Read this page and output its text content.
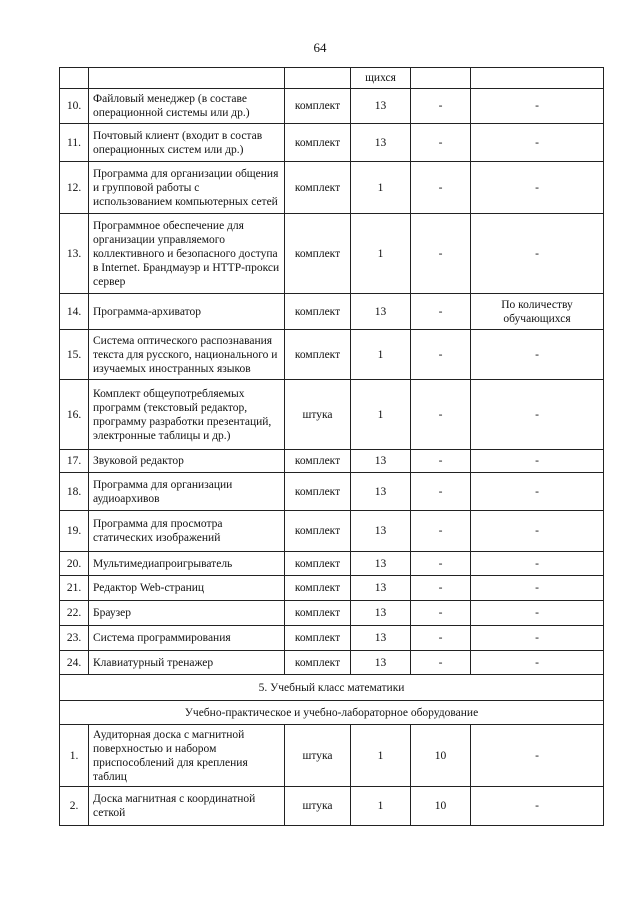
64
			щихся		
10.	Файловый менеджер (в составе операционной системы или др.)	комплект	13	-	-
11.	Почтовый клиент (входит в состав операционных систем или др.)	комплект	13	-	-
12.	Программа для организации общения и групповой работы с использованием компьютерных сетей	комплект	1	-	-
13.	Программное обеспечение для организации управляемого коллективного и безопасного доступа в Internet. Брандмауэр и HTTP-прокси сервер	комплект	1	-	-
14.	Программа-архиватор	комплект	13	-	По количеству обучающихся
15.	Система оптического распознавания текста для русского, национального и изучаемых иностранных языков	комплект	1	-	-
16.	Комплект общеупотребляемых программ (текстовый редактор, программу разработки презентаций, электронные таблицы и др.)	штука	1	-	-
17.	Звуковой редактор	комплект	13	-	-
18.	Программа для организации аудиоархивов	комплект	13	-	-
19.	Программа для просмотра статических изображений	комплект	13	-	-
20.	Мультимедиапроигрыватель	комплект	13	-	-
21.	Редактор Web-страниц	комплект	13	-	-
22.	Браузер	комплект	13	-	-
23.	Система программирования	комплект	13	-	-
24.	Клавиатурный тренажер	комплект	13	-	-
5. Учебный класс математики					
Учебно-практическое и учебно-лабораторное оборудование					
1.	Аудиторная доска с магнитной поверхностью и набором приспособлений для крепления таблиц	штука	1	10	-
2.	Доска магнитная с координатной сеткой	штука	1	10	-
